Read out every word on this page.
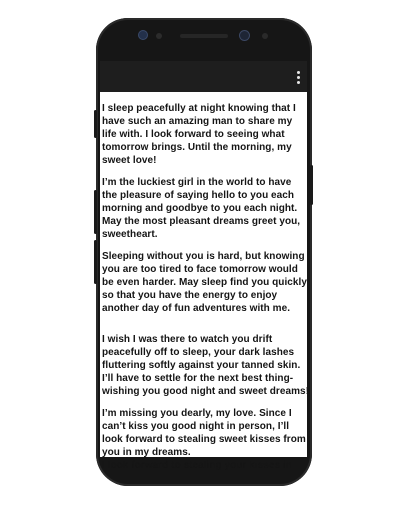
I sleep peacefully at night knowing that I
have such an amazing man to share my
life with. I look forward to seeing what
tomorrow brings. Until the morning, my
sweet love!
I’m the luckiest girl in the world to have
the pleasure of saying hello to you each
morning and goodbye to you each night.
May the most pleasant dreams greet you,
sweetheart.
Sleeping without you is hard, but knowing
you are too tired to face tomorrow would
be even harder. May sleep find you quickly
so that you have the energy to enjoy
another day of fun adventures with me.
I wish I was there to watch you drift
peacefully off to sleep, your dark lashes
fluttering softly against your tanned skin.
I’ll have to settle for the next best thing-
wishing you good night and sweet dreams!
I’m missing you dearly, my love. Since I
can’t kiss you good night in person, I’ll
look forward to stealing sweet kisses from
you in my dreams.
I look forward to stealing your kisses in
